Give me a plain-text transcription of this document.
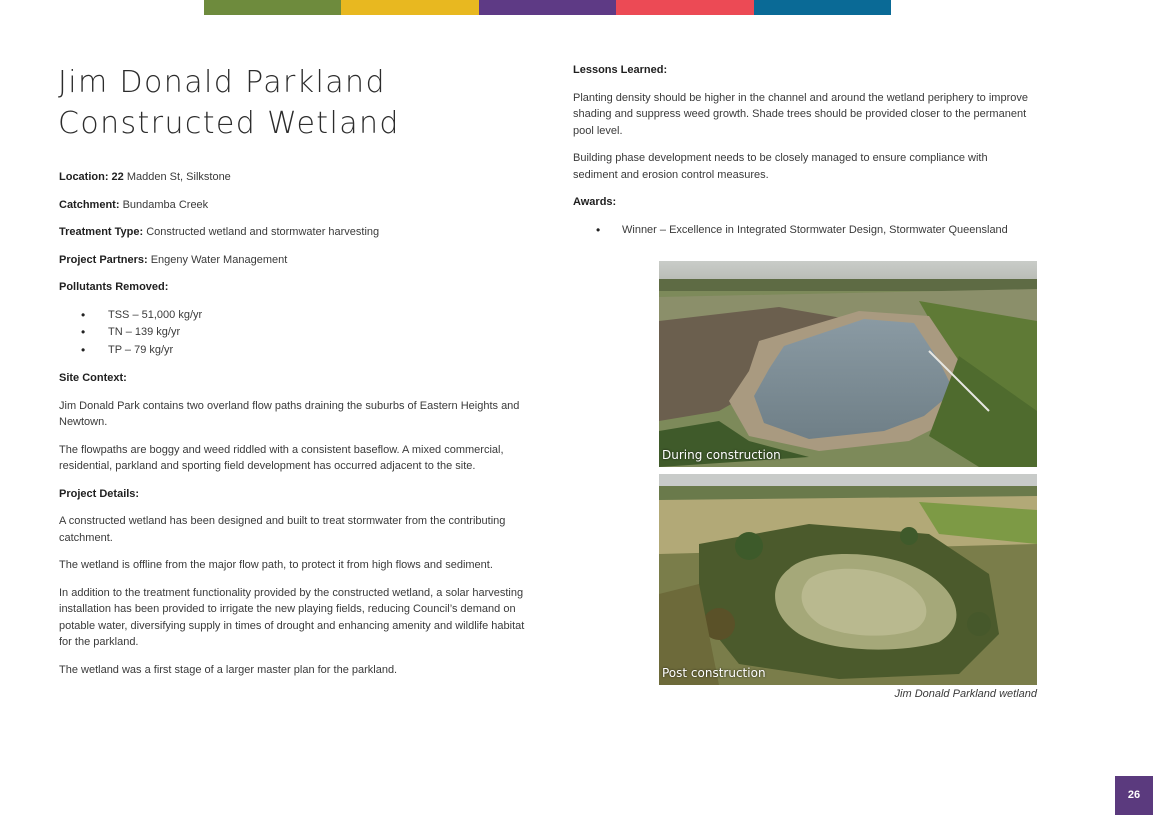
Jim Donald Parkland
Constructed Wetland

Location: 22 Madden St, Silkstone

Catchment: Bundamba Creek

Treatment Type: Constructed wetland and stormwater harvesting

Project Partners: Engeny Water Management

Pollutants Removed:

• TSS – 51,000 kg/yr
• TN – 139 kg/yr
• TP – 79 kg/yr

Site Context:

Jim Donald Park contains two overland flow paths draining the suburbs of Eastern Heights and Newtown.

The flowpaths are boggy and weed riddled with a consistent baseflow. A mixed commercial, residential, parkland and sporting field development has occurred adjacent to the site.

Project Details:

A constructed wetland has been designed and built to treat stormwater from the contributing catchment.

The wetland is offline from the major flow path, to protect it from high flows and sediment.

In addition to the treatment functionality provided by the constructed wetland, a solar harvesting installation has been provided to irrigate the new playing fields, reducing Council’s demand on potable water, diversifying supply in times of drought and enhancing amenity and wildlife habitat for the parkland.

The wetland was a first stage of a larger master plan for the parkland.

Lessons Learned:

Planting density should be higher in the channel and around the wetland periphery to improve shading and suppress weed growth. Shade trees should be provided closer to the permanent pool level.

Building phase development needs to be closely managed to ensure compliance with sediment and erosion control measures.

Awards:

• Winner – Excellence in Integrated Stormwater Design, Stormwater Queensland
During construction
Post construction
Jim Donald Parkland wetland
26
